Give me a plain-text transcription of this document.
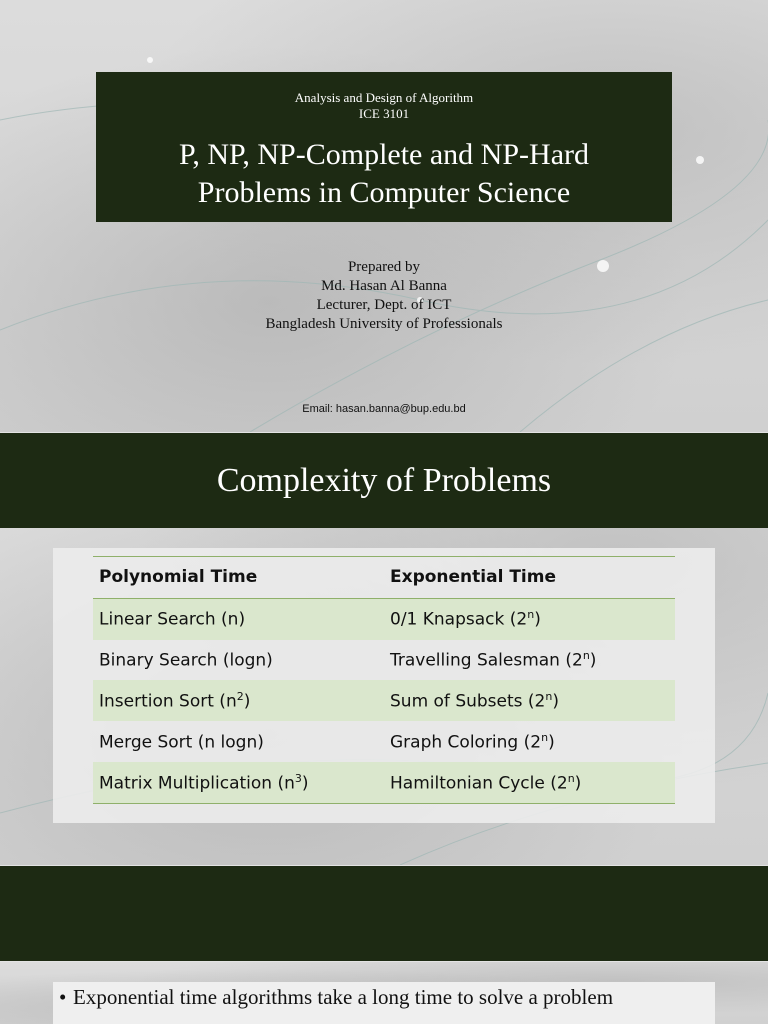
Analysis and Design of Algorithm
ICE 3101
P, NP, NP-Complete and NP-Hard
Problems in Computer Science
Prepared by
Md. Hasan Al Banna
Lecturer, Dept. of ICT
Bangladesh University of Professionals
Email: hasan.banna@bup.edu.bd
Complexity of Problems
Polynomial Time	Exponential Time
Linear Search (n)	0/1 Knapsack (2$^n$)
Binary Search (logn)	Travelling Salesman (2$^n$)
Insertion Sort $(n^2)$	Sum of Subsets (2$^n$)
Merge Sort (n logn)	Graph Coloring (2$^n$)
Matrix Multiplication $(n^3)$	Hamiltonian Cycle (2$^n$)
• Exponential time algorithms take a long time to solve a problem
